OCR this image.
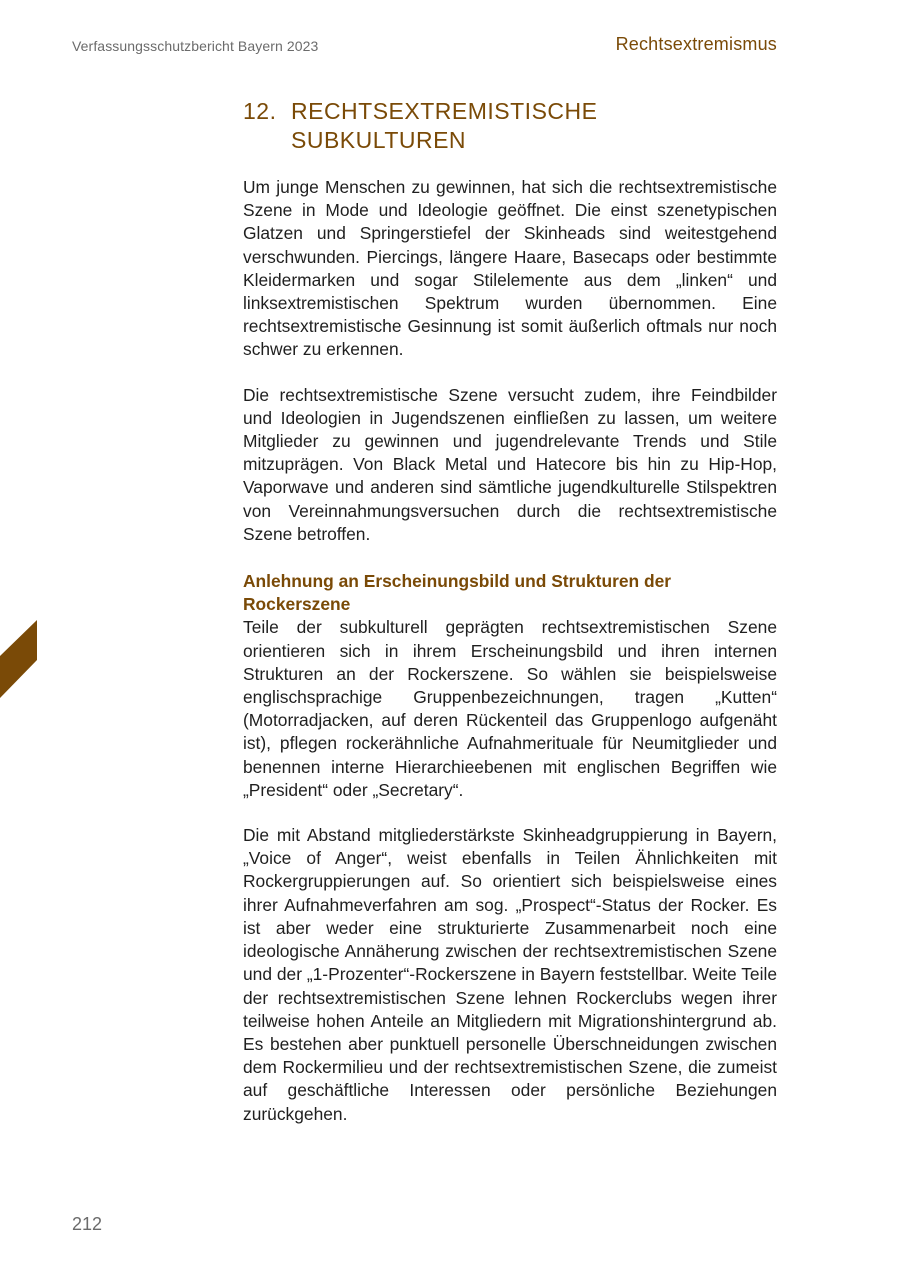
Verfassungsschutzbericht Bayern 2023	Rechtsextremismus
12. RECHTSEXTREMISTISCHE SUBKULTUREN

Um junge Menschen zu gewinnen, hat sich die rechtsextremistische Szene in Mode und Ideologie geöffnet. Die einst szenetypischen Glatzen und Springerstiefel der Skinheads sind weitestgehend verschwunden. Piercings, längere Haare, Basecaps oder bestimmte Kleidermarken und sogar Stilelemente aus dem „linken“ und linksextremistischen Spektrum wurden übernommen. Eine rechtsextremistische Gesinnung ist somit äußerlich oftmals nur noch schwer zu erkennen.

Die rechtsextremistische Szene versucht zudem, ihre Feindbilder und Ideologien in Jugendszenen einfließen zu lassen, um weitere Mitglieder zu gewinnen und jugendrelevante Trends und Stile mitzuprägen. Von Black Metal und Hatecore bis hin zu Hip-Hop, Vaporwave und anderen sind sämtliche jugendkulturelle Stilspektren von Vereinnahmungsversuchen durch die rechtsextremistische Szene betroffen.

Anlehnung an Erscheinungsbild und Strukturen der Rockerszene

Teile der subkulturell geprägten rechtsextremistischen Szene orientieren sich in ihrem Erscheinungsbild und ihren internen Strukturen an der Rockerszene. So wählen sie beispielsweise englischsprachige Gruppenbezeichnungen, tragen „Kutten“ (Motorradjacken, auf deren Rückenteil das Gruppenlogo aufgenäht ist), pflegen rockerähnliche Aufnahmerituale für Neumitglieder und benennen interne Hierarchieebenen mit englischen Begriffen wie „President“ oder „Secretary“.

Die mit Abstand mitgliederstärkste Skinheadgruppierung in Bayern, „Voice of Anger“, weist ebenfalls in Teilen Ähnlichkeiten mit Rockergruppierungen auf. So orientiert sich beispielsweise eines ihrer Aufnahmeverfahren am sog. „Prospect“-Status der Rocker. Es ist aber weder eine strukturierte Zusammenarbeit noch eine ideologische Annäherung zwischen der rechtsextremistischen Szene und der „1-Prozenter“-Rockerszene in Bayern feststellbar. Weite Teile der rechtsextremistischen Szene lehnen Rockerclubs wegen ihrer teilweise hohen Anteile an Mitgliedern mit Migrationshintergrund ab. Es bestehen aber punktuell personelle Überschneidungen zwischen dem Rockermilieu und der rechtsextremistischen Szene, die zumeist auf geschäftliche Interessen oder persönliche Beziehungen zurückgehen.

212
